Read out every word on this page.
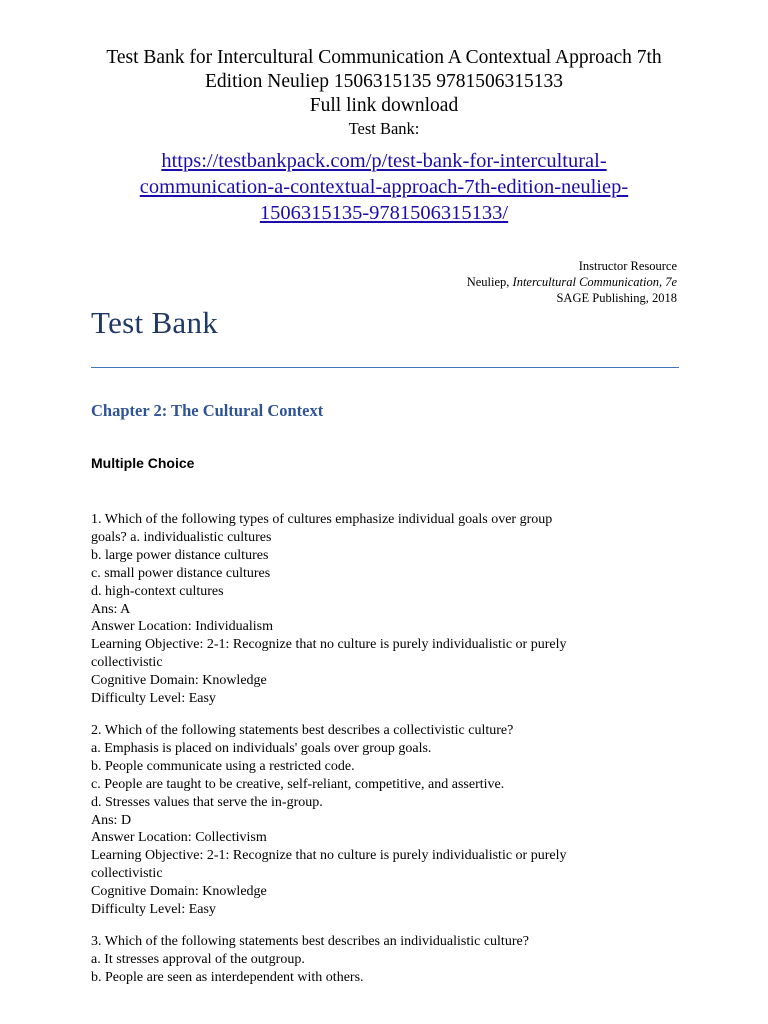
Test Bank for Intercultural Communication A Contextual Approach 7th
Edition Neuliep 1506315135 9781506315133
Full link download
Test Bank:
https://testbankpack.com/p/test-bank-for-intercultural-
communication-a-contextual-approach-7th-edition-neuliep-
1506315135-9781506315133/
Instructor Resource
Neuliep, Intercultural Communication, 7e
SAGE Publishing, 2018
Test Bank
Chapter 2: The Cultural Context
Multiple Choice
1. Which of the following types of cultures emphasize individual goals over group
goals? a. individualistic cultures
b. large power distance cultures
c. small power distance cultures
d. high-context cultures
Ans: A
Answer Location: Individualism
Learning Objective: 2-1: Recognize that no culture is purely individualistic or purely
collectivistic
Cognitive Domain: Knowledge
Difficulty Level: Easy
2. Which of the following statements best describes a collectivistic culture?
a. Emphasis is placed on individuals' goals over group goals.
b. People communicate using a restricted code.
c. People are taught to be creative, self-reliant, competitive, and assertive.
d. Stresses values that serve the in-group.
Ans: D
Answer Location: Collectivism
Learning Objective: 2-1: Recognize that no culture is purely individualistic or purely
collectivistic
Cognitive Domain: Knowledge
Difficulty Level: Easy
3. Which of the following statements best describes an individualistic culture?
a. It stresses approval of the outgroup.
b. People are seen as interdependent with others.
